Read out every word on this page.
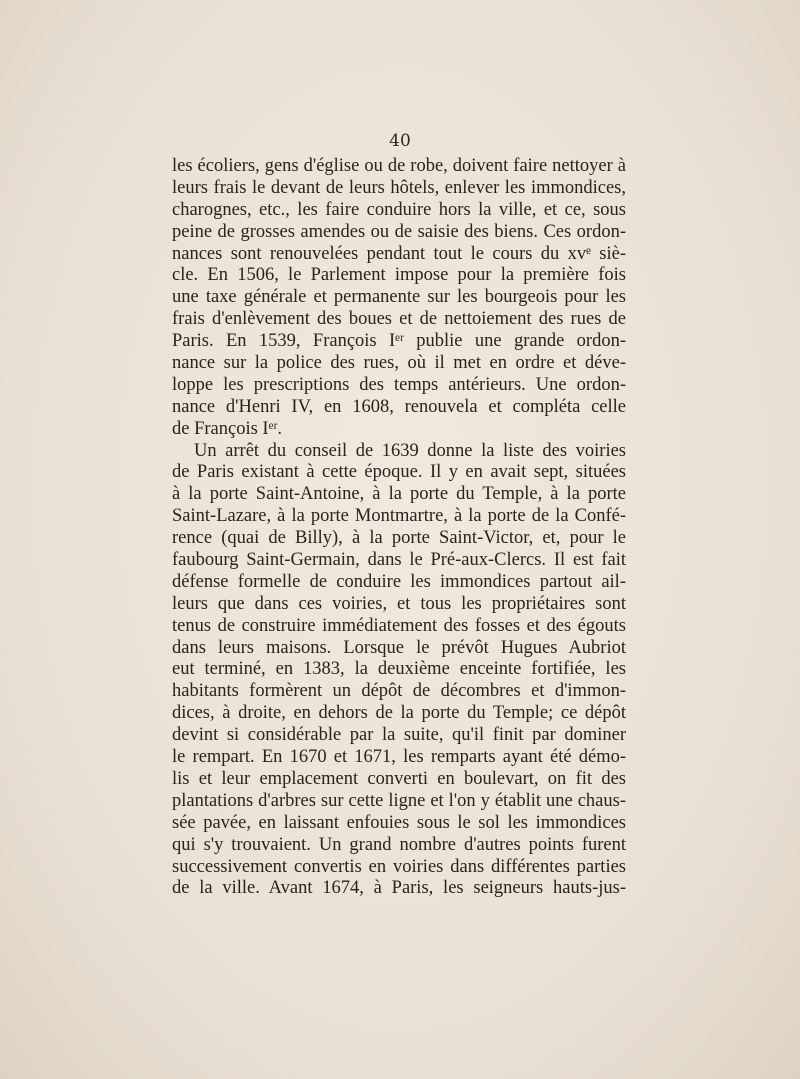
40
les écoliers, gens d'église ou de robe, doivent faire nettoyer à
leurs frais le devant de leurs hôtels, enlever les immondices,
charognes, etc., les faire conduire hors la ville, et ce, sous
peine de grosses amendes ou de saisie des biens. Ces ordon-
nances sont renouvelées pendant tout le cours du xvᵉ siè-
cle. En 1506, le Parlement impose pour la première fois
une taxe générale et permanente sur les bourgeois pour les
frais d'enlèvement des boues et de nettoiement des rues de
Paris. En 1539, François Iᵉʳ publie une grande ordon-
nance sur la police des rues, où il met en ordre et déve-
loppe les prescriptions des temps antérieurs. Une ordon-
nance d'Henri IV, en 1608, renouvela et compléta celle
de François Iᵉʳ.
Un arrêt du conseil de 1639 donne la liste des voiries
de Paris existant à cette époque. Il y en avait sept, situées
à la porte Saint-Antoine, à la porte du Temple, à la porte
Saint-Lazare, à la porte Montmartre, à la porte de la Confé-
rence (quai de Billy), à la porte Saint-Victor, et, pour le
faubourg Saint-Germain, dans le Pré-aux-Clercs. Il est fait
défense formelle de conduire les immondices partout ail-
leurs que dans ces voiries, et tous les propriétaires sont
tenus de construire immédiatement des fosses et des égouts
dans leurs maisons. Lorsque le prévôt Hugues Aubriot
eut terminé, en 1383, la deuxième enceinte fortifiée, les
habitants formèrent un dépôt de décombres et d'immon-
dices, à droite, en dehors de la porte du Temple; ce dépôt
devint si considérable par la suite, qu'il finit par dominer
le rempart. En 1670 et 1671, les remparts ayant été démo-
lis et leur emplacement converti en boulevart, on fit des
plantations d'arbres sur cette ligne et l'on y établit une chaus-
sée pavée, en laissant enfouies sous le sol les immondices
qui s'y trouvaient. Un grand nombre d'autres points furent
successivement convertis en voiries dans différentes parties
de la ville. Avant 1674, à Paris, les seigneurs hauts-jus-
